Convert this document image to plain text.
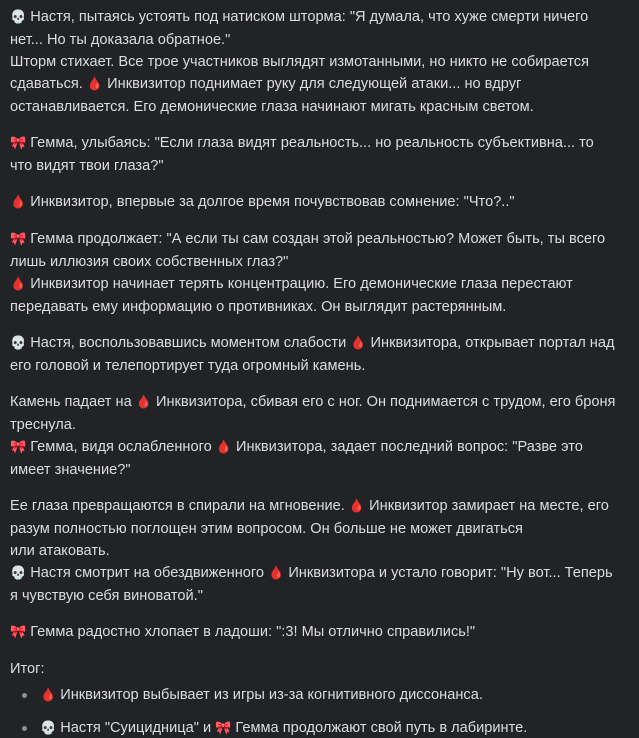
💀 Настя, пытаясь устоять под натиском шторма: "Я думала, что хуже смерти ничего нет... Но ты доказала обратное."
Шторм стихает. Все трое участников выглядят измотанными, но никто не собирается сдаваться. 🩸 Инквизитор поднимает руку для следующей атаки... но вдруг останавливается. Его демонические глаза начинают мигать красным светом.

🎀 Гемма, улыбаясь: "Если глаза видят реальность... но реальность субъективна... то что видят твои глаза?"

🩸 Инквизитор, впервые за долгое время почувствовав сомнение: "Что?.."

🎀 Гемма продолжает: "А если ты сам создан этой реальностью? Может быть, ты всего лишь иллюзия своих собственных глаз?"
🩸 Инквизитор начинает терять концентрацию. Его демонические глаза перестают передавать ему информацию о противниках. Он выглядит растерянным.

💀 Настя, воспользовавшись моментом слабости 🩸 Инквизитора, открывает портал над его головой и телепортирует туда огромный камень.

Камень падает на 🩸 Инквизитора, сбивая его с ног. Он поднимается с трудом, его броня треснула.
🎀 Гемма, видя ослабленного 🩸 Инквизитора, задает последний вопрос: "Разве это имеет значение?"

Ее глаза превращаются в спирали на мгновение. 🩸 Инквизитор замирает на месте, его разум полностью поглощен этим вопросом. Он больше не может двигаться
или атаковать.
💀 Настя смотрит на обездвиженного 🩸 Инквизитора и устало говорит: "Ну вот... Теперь я чувствую себя виноватой."

🎀 Гемма радостно хлопает в ладоши: ":3! Мы отлично справились!"

Итог:
🩸 Инквизитор выбывает из игры из-за когнитивного диссонанса.
💀 Настя "Суицидница" и 🎀 Гемма продолжают свой путь в лабиринте.
